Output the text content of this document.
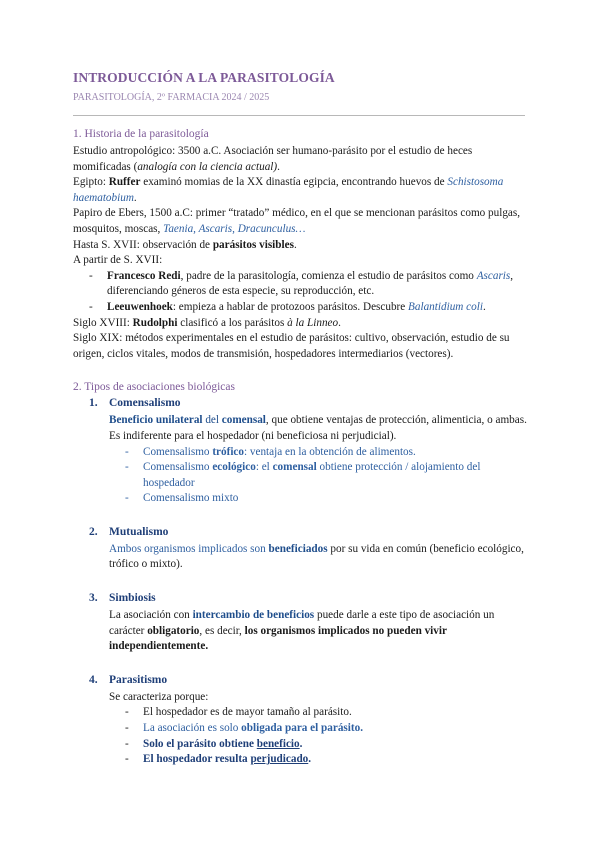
INTRODUCCIÓN A LA PARASITOLOGÍA
PARASITOLOGÍA, 2º FARMACIA 2024 / 2025
1. Historia de la parasitología

Estudio antropológico: 3500 a.C. Asociación ser humano-parásito por el estudio de heces momificadas (analogía con la ciencia actual).

Egipto: Ruffer examinó momias de la XX dinastía egipcia, encontrando huevos de Schistosoma haematobium.

Papiro de Ebers, 1500 a.C: primer “tratado” médico, en el que se mencionan parásitos como pulgas, mosquitos, moscas, Taenia, Ascaris, Dracunculus…

Hasta S. XVII: observación de parásitos visibles.

A partir de S. XVII:

- Francesco Redi, padre de la parasitología, comienza el estudio de parásitos como Ascaris, diferenciando géneros de esta especie, su reproducción, etc.
- Leeuwenhoek: empieza a hablar de protozoos parásitos. Descubre Balantidium coli.

Siglo XVIII: Rudolphi clasificó a los parásitos à la Linneo.

Siglo XIX: métodos experimentales en el estudio de parásitos: cultivo, observación, estudio de su origen, ciclos vitales, modos de transmisión, hospedadores intermediarios (vectores).

2. Tipos de asociaciones biológicas
1. Comensalismo

Beneficio unilateral del comensal, que obtiene ventajas de protección, alimenticia, o ambas. Es indiferente para el hospedador (ni beneficiosa ni perjudicial).

- Comensalismo trófico: ventaja en la obtención de alimentos.
- Comensalismo ecológico: el comensal obtiene protección / alojamiento del hospedador
- Comensalismo mixto
2. Mutualismo

Ambos organismos implicados son beneficiados por su vida en común (beneficio ecológico, trófico o mixto).

3. Simbiosis

La asociación con intercambio de beneficios puede darle a este tipo de asociación un carácter obligatorio, es decir, los organismos implicados no pueden vivir independientemente.

4. Parasitismo

Se caracteriza porque:

- El hospedador es de mayor tamaño al parásito.
- La asociación es solo obligada para el parásito.
- Solo el parásito obtiene beneficio.
- El hospedador resulta perjudicado.
